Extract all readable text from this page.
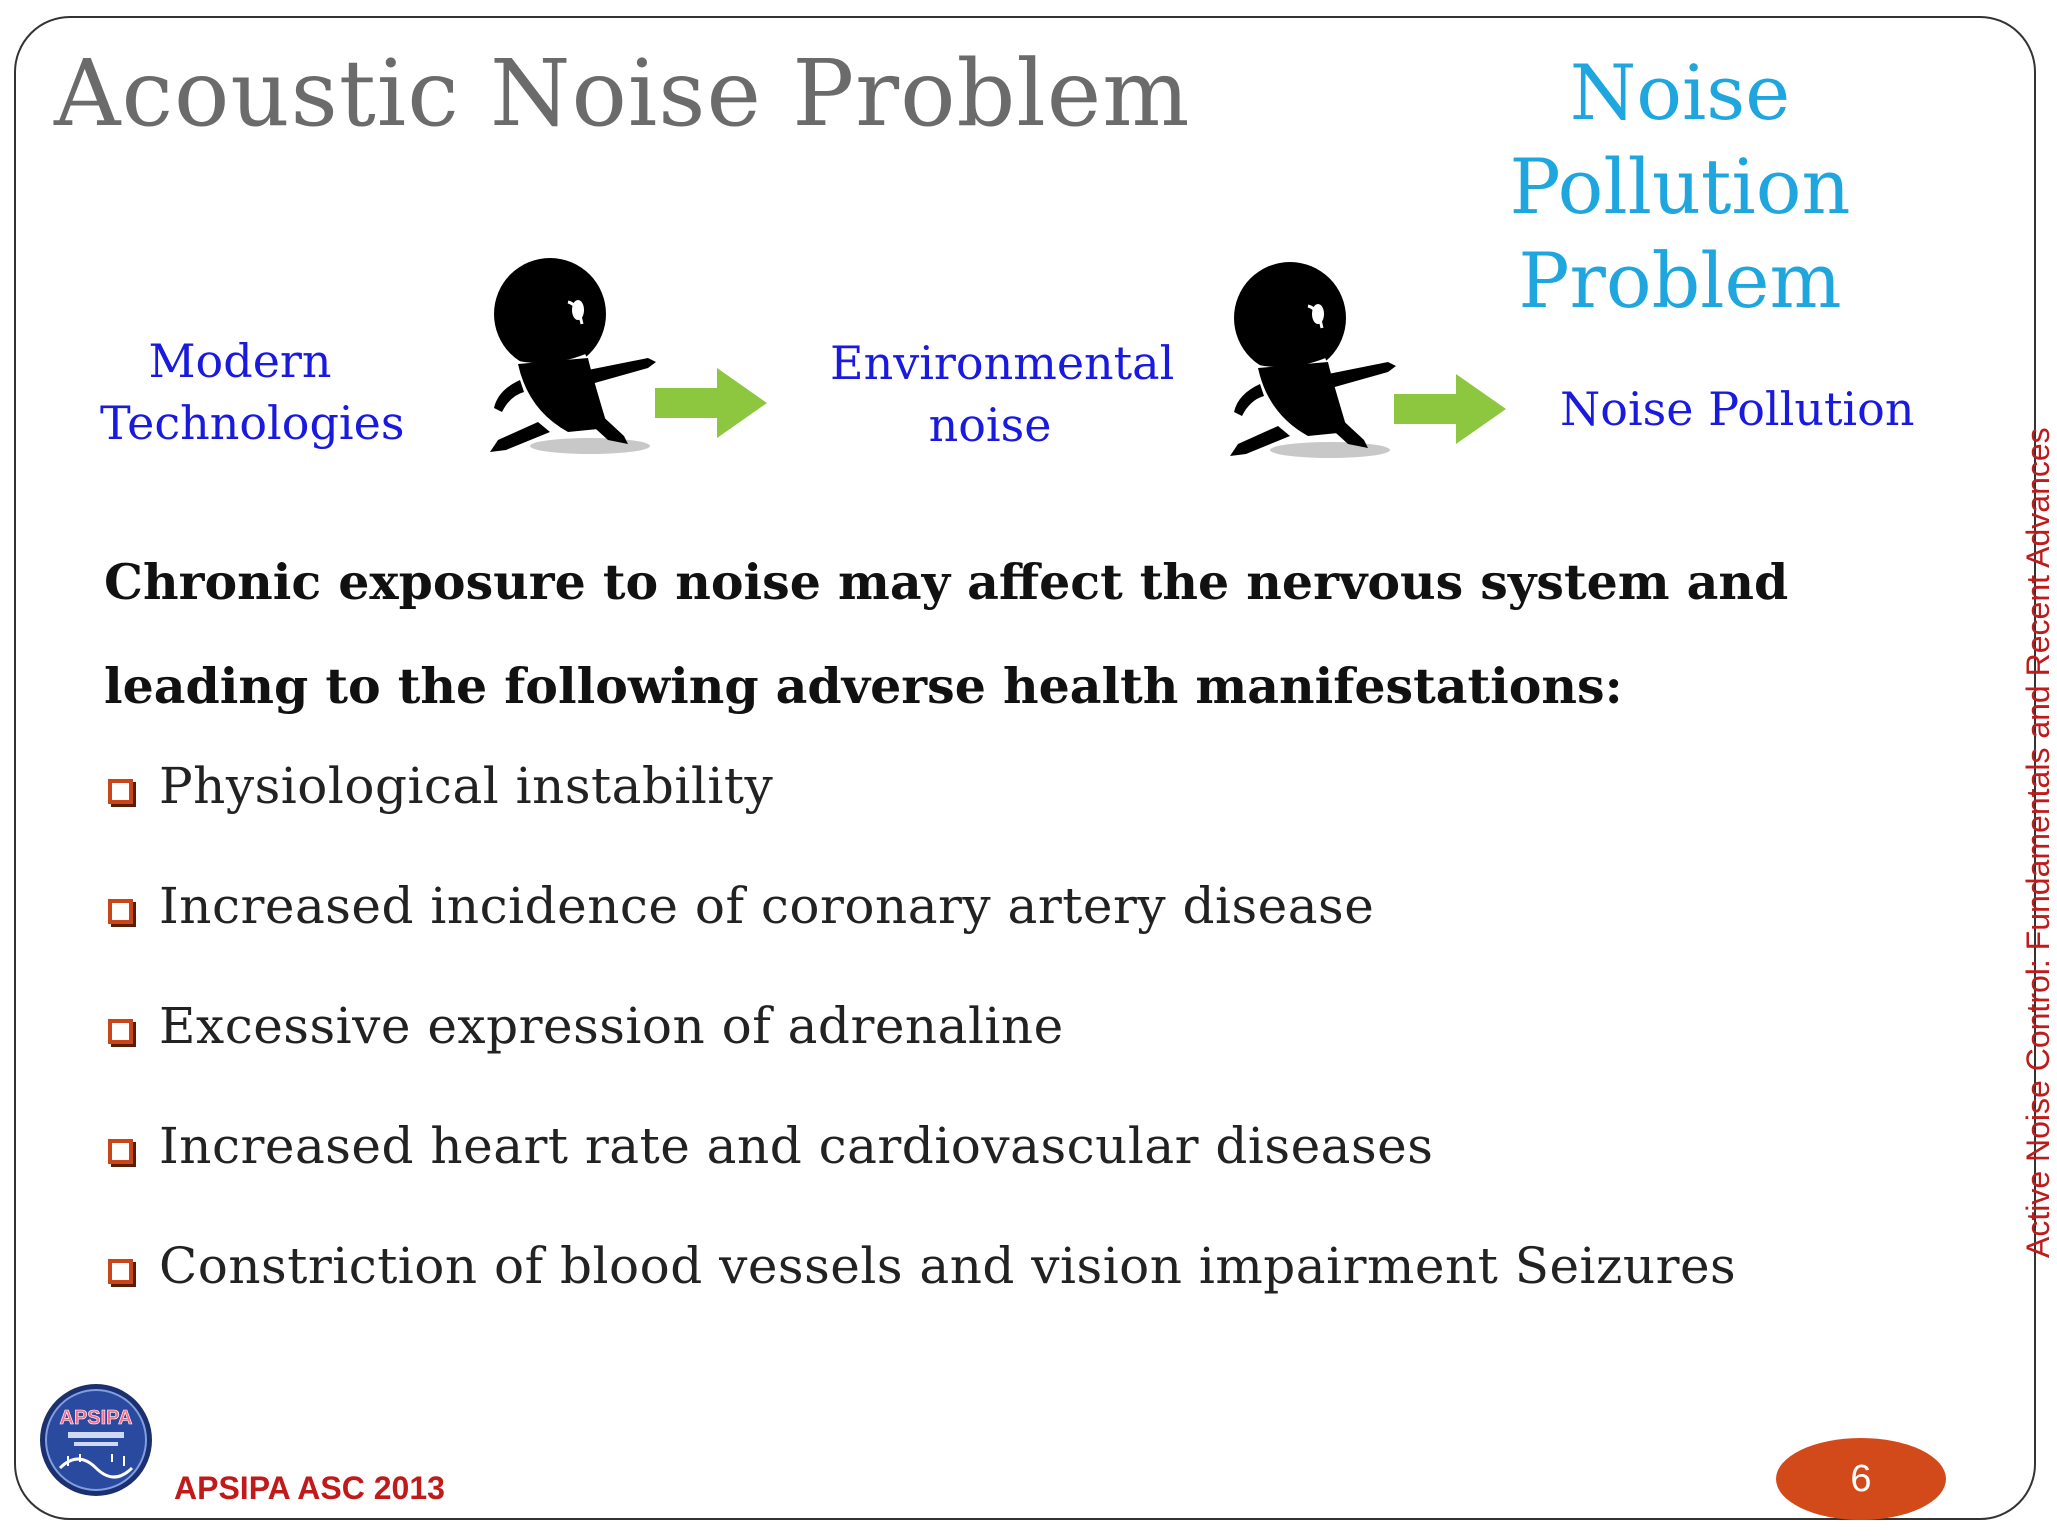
Acoustic Noise Problem	Noise Pollution Problem
Modern
Technologies
Environmental
noise	Noise Pollution

Chronic exposure to noise may affect the nervous system and leading to the following adverse health manifestations:

Physiological instability
Increased incidence of coronary artery disease
Excessive expression of adrenaline
Increased heart rate and cardiovascular diseases
Constriction of blood vessels and vision impairment Seizures
Active Noise Control: Fundamentals and Recent Advances
APSIPA
APSIPA ASC 2013	6
